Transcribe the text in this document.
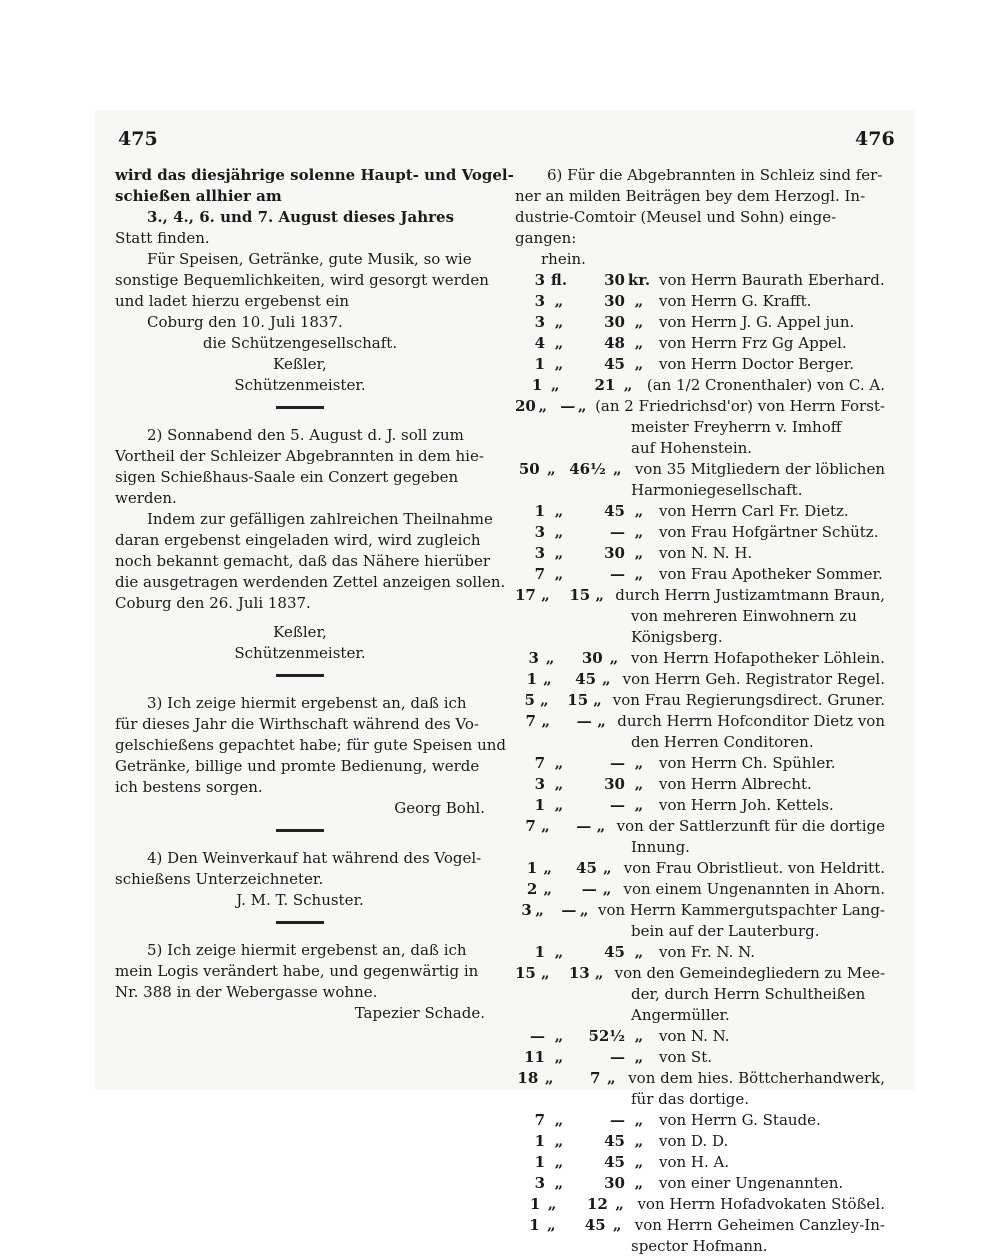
475	476
wird das diesjährige solenne Haupt- und Vogel-
schießen allhier am
3., 4., 6. und 7. August dieses Jahres
Statt finden.
Für Speisen, Getränke, gute Musik, so wie
sonstige Bequemlichkeiten, wird gesorgt werden
und ladet hierzu ergebenst ein
Coburg den 10. Juli 1837.
die Schützengesellschaft.
Keßler,
Schützenmeister.
2) Sonnabend den 5. August d. J. soll zum
Vortheil der Schleizer Abgebrannten in dem hie-
sigen Schießhaus-Saale ein Conzert gegeben
werden.
Indem zur gefälligen zahlreichen Theilnahme
daran ergebenst eingeladen wird, wird zugleich
noch bekannt gemacht, daß das Nähere hierüber
die ausgetragen werdenden Zettel anzeigen sollen.
Coburg den 26. Juli 1837.
Keßler,
Schützenmeister.
3) Ich zeige hiermit ergebenst an, daß ich
für dieses Jahr die Wirthschaft während des Vo-
gelschießens gepachtet habe; für gute Speisen und
Getränke, billige und promte Bedienung, werde
ich bestens sorgen.
Georg Bohl.
4) Den Weinverkauf hat während des Vogel-
schießens Unterzeichneter.
J. M. T. Schuster.
5) Ich zeige hiermit ergebenst an, daß ich
mein Logis verändert habe, und gegenwärtig in
Nr. 388 in der Webergasse wohne.
Tapezier Schade.
6) Für die Abgebrannten in Schleiz sind fer-
ner an milden Beiträgen bey dem Herzogl. In-
dustrie-Comtoir (Meusel und Sohn) einge-
gangen:
rhein.
3 fl.	30 kr. von Herrn Baurath Eberhard.
3 „	30 „	von Herrn G. Krafft.
3 „	30 „	von Herrn J. G. Appel jun.
4 „	48 „	von Herrn Frz Gg Appel.
1 „	45 „	von Herrn Doctor Berger.
1 „	21 „ (an 1/2 Cronenthaler) von C. A.
20 „ — „ (an 2 Friedrichsd'or) von Herrn Forst-
meister Freyherrn v. Imhoff
auf Hohenstein.
50 „ 46½ „ von 35 Mitgliedern der löblichen
Harmoniegesellschaft.
1 „	45 „	von Herrn Carl Fr. Dietz.
3 „	— „	von Frau Hofgärtner Schütz.
3 „	30 „	von N. N. H.
7 „	— „	von Frau Apotheker Sommer.
17 „	15 „ durch Herrn Justizamtmann Braun,
von mehreren Einwohnern zu
Königsberg.
3 „	30 „ von Herrn Hofapotheker Löhlein.
1 „	45 „ von Herrn Geh. Registrator Regel.
5 „	15 „ von Frau Regierungsdirect. Gruner.
7 „	— „ durch Herrn Hofconditor Dietz von
den Herren Conditoren.
7 „	— „	von Herrn Ch. Spühler.
3 „	30 „	von Herrn Albrecht.
1 „	— „	von Herrn Joh. Kettels.
7 „	— „ von der Sattlerzunft für die dortige
Innung.
1 „	45 „ von Frau Obristlieut. von Heldritt.
2 „	— „ von einem Ungenannten in Ahorn.
3 „	— „ von Herrn Kammergutspachter Lang-
bein auf der Lauterburg.
1 „	45 „	von Fr. N. N.
15 „	13 „ von den Gemeindegliedern zu Mee-
der, durch Herrn Schultheißen
Angermüller.
— „	52½ „	von N. N.
11 „	— „	von St.
18 „	7 „ von dem hies. Böttcherhandwerk,
für das dortige.
7 „	— „	von Herrn G. Staude.
1 „	45 „	von D. D.
1 „	45 „	von H. A.
3 „	30 „	von einer Ungenannten.
1 „	12 „ von Herrn Hofadvokaten Stößel.
1 „	45 „ von Herrn Geheimen Canzley-In-
spector Hofmann.
